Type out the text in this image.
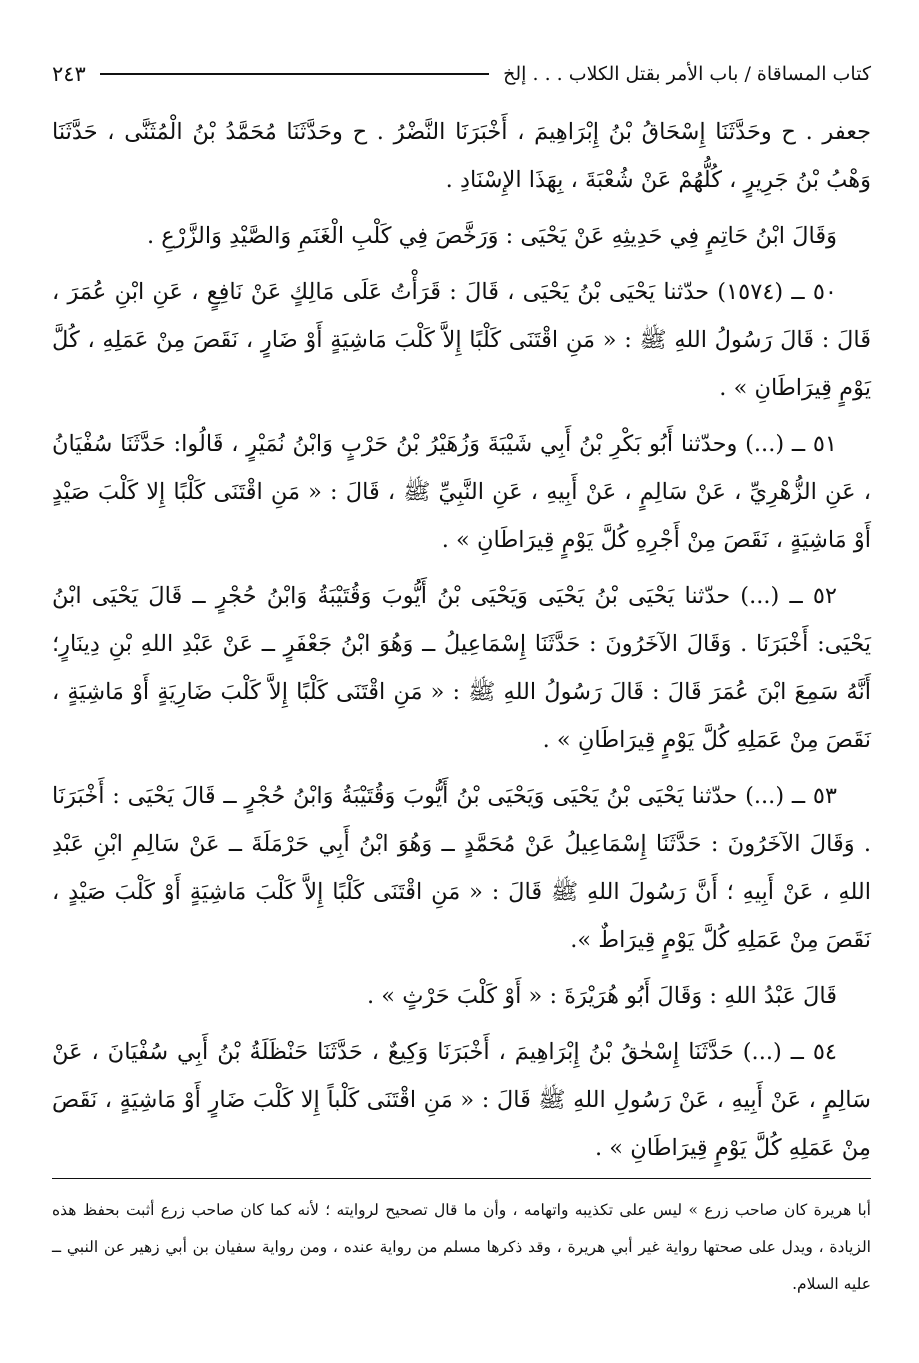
كتاب المساقاة / باب الأمر بقتل الكلاب . . . إلخ
٢٤٣

جعفر . ح وحَدَّثَنَا إِسْحَاقُ بْنُ إِبْرَاهِيمَ ، أَخْبَرَنَا النَّضْرُ . ح وحَدَّثَنَا مُحَمَّدُ بْنُ الْمُثَنَّى ، حَدَّثَنَا وَهْبُ بْنُ جَرِيرٍ ، كُلُّهُمْ عَنْ شُعْبَةَ ، بِهَذَا الإِسْنَادِ .

وَقَالَ ابْنُ حَاتِمٍ فِي حَدِيثِهِ عَنْ يَحْيَى : وَرَخَّصَ فِي كَلْبِ الْغَنَمِ وَالصَّيْدِ وَالزَّرْعِ .

٥٠ ــ (١٥٧٤) حدّثنا يَحْيَى بْنُ يَحْيَى ، قَالَ : قَرَأْتُ عَلَى مَالِكٍ عَنْ نَافِعٍ ، عَنِ ابْنِ عُمَرَ ، قَالَ : قَالَ رَسُولُ اللهِ ﷺ : « مَنِ اقْتَنَى كَلْبًا إِلاَّ كَلْبَ مَاشِيَةٍ أَوْ ضَارٍ ، نَقَصَ مِنْ عَمَلِهِ ، كُلَّ يَوْمٍ قِيرَاطَانِ » .

٥١ ــ (...) وحدّثنا أَبُو بَكْرِ بْنُ أَبِي شَيْبَةَ وَزُهَيْرُ بْنُ حَرْبٍ وَابْنُ نُمَيْرٍ ، قَالُوا: حَدَّثَنَا سُفْيَانُ ، عَنِ الزُّهْرِيِّ ، عَنْ سَالِمٍ ، عَنْ أَبِيهِ ، عَنِ النَّبِيِّ ﷺ ، قَالَ : « مَنِ اقْتَنَى كَلْبًا إِلا كَلْبَ صَيْدٍ أَوْ مَاشِيَةٍ ، نَقَصَ مِنْ أَجْرِهِ كُلَّ يَوْمٍ قِيرَاطَانِ » .

٥٢ ــ (...) حدّثنا يَحْيَى بْنُ يَحْيَى وَيَحْيَى بْنُ أَيُّوبَ وَقُتَيْبَةُ وَابْنُ حُجْرٍ ــ قَالَ يَحْيَى ابْنُ يَحْيَى: أَخْبَرَنَا . وَقَالَ الآخَرُونَ : حَدَّثَنَا إِسْمَاعِيلُ ــ وَهُوَ ابْنُ جَعْفَرٍ ــ عَنْ عَبْدِ اللهِ بْنِ دِينَارٍ؛ أَنَّهُ سَمِعَ ابْنَ عُمَرَ قَالَ : قَالَ رَسُولُ اللهِ ﷺ : « مَنِ اقْتَنَى كَلْبًا إِلاَّ كَلْبَ ضَارِيَةٍ أَوْ مَاشِيَةٍ ، نَقَصَ مِنْ عَمَلِهِ كُلَّ يَوْمٍ قِيرَاطَانِ » .

٥٣ ــ (...) حدّثنا يَحْيَى بْنُ يَحْيَى وَيَحْيَى بْنُ أَيُّوبَ وَقُتَيْبَةُ وَابْنُ حُجْرٍ ــ قَالَ يَحْيَى : أَخْبَرَنَا . وَقَالَ الآخَرُونَ : حَدَّثَنَا إِسْمَاعِيلُ عَنْ مُحَمَّدٍ ــ وَهُوَ ابْنُ أَبِي حَرْمَلَةَ ــ عَنْ سَالِمِ ابْنِ عَبْدِ اللهِ ، عَنْ أَبِيهِ ؛ أَنَّ رَسُولَ اللهِ ﷺ قَالَ : « مَنِ اقْتَنَى كَلْبًا إِلاَّ كَلْبَ مَاشِيَةٍ أَوْ كَلْبَ صَيْدٍ ، نَقَصَ مِنْ عَمَلِهِ كُلَّ يَوْمٍ قِيرَاطٌ ».

قَالَ عَبْدُ اللهِ : وَقَالَ أَبُو هُرَيْرَةَ : « أَوْ كَلْبَ حَرْثٍ » .

٥٤ ــ (...) حَدَّثَنَا إِسْحٰقُ بْنُ إِبْرَاهِيمَ ، أَخْبَرَنَا وَكِيعٌ ، حَدَّثَنَا حَنْظَلَةُ بْنُ أَبِي سُفْيَانَ ، عَنْ سَالِمٍ ، عَنْ أَبِيهِ ، عَنْ رَسُولِ اللهِ ﷺ قَالَ : « مَنِ اقْتَنَى كَلْباً إِلا كَلْبَ ضَارٍ أَوْ مَاشِيَةٍ ، نَقَصَ مِنْ عَمَلِهِ كُلَّ يَوْمٍ قِيرَاطَانِ » .

أبا هريرة كان صاحب زرع » ليس على تكذيبه واتهامه ، وأن ما قال تصحيح لروايته ؛ لأنه كما كان صاحب زرع أثبت بحفظ هذه الزيادة ، ويدل على صحتها رواية غير أبي هريرة ، وقد ذكرها مسلم من رواية عنده ، ومن رواية سفيان بن أبي زهير عن النبي ــ عليه السلام.
